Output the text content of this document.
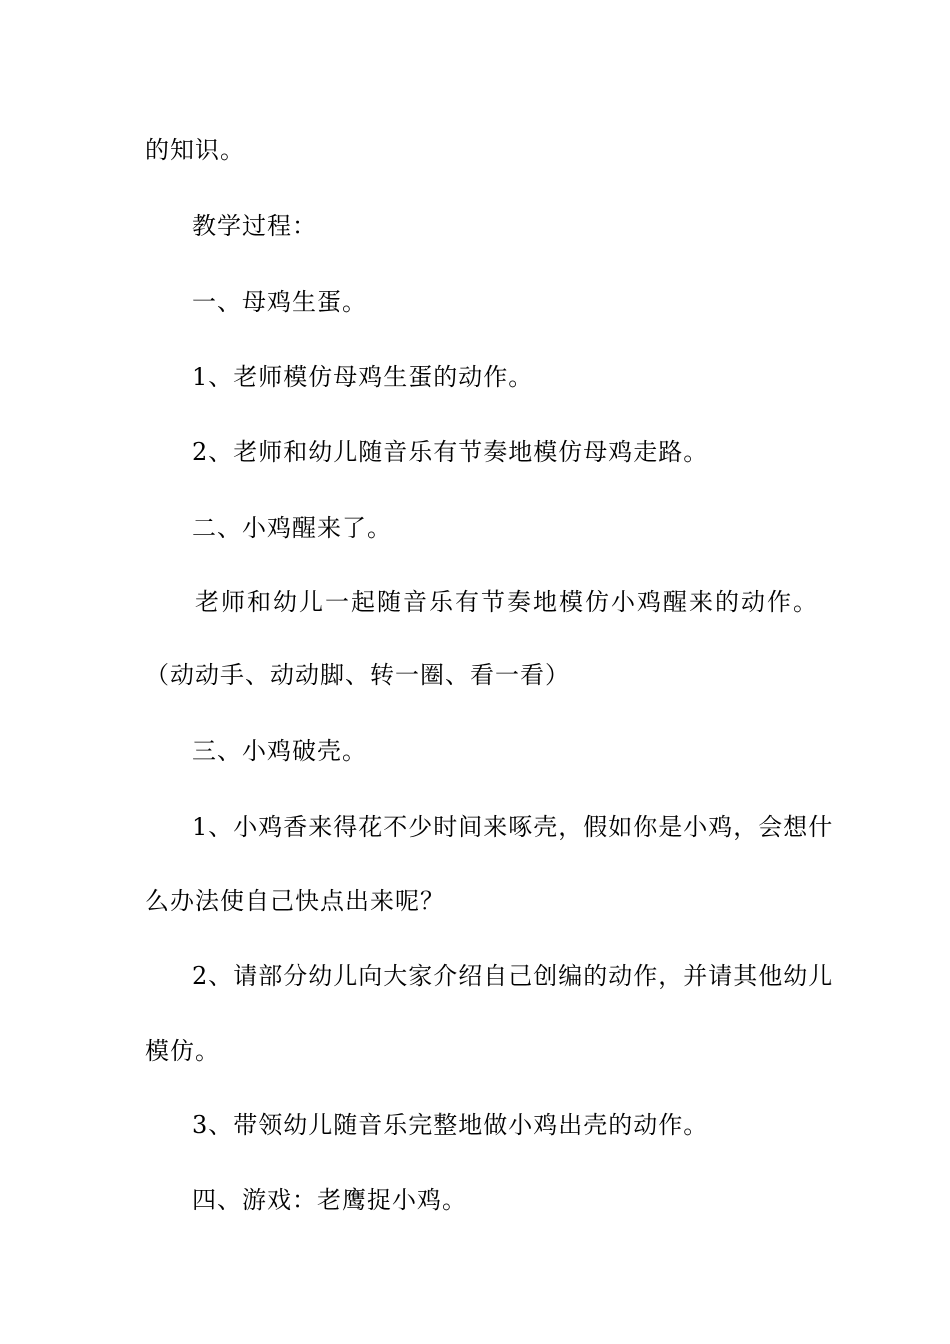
的知识。
教学过程：
一、母鸡生蛋。
1、老师模仿母鸡生蛋的动作。
2、老师和幼儿随音乐有节奏地模仿母鸡走路。
二、小鸡醒来了。
老师和幼儿一起随音乐有节奏地模仿小鸡醒来的动作。
（动动手、动动脚、转一圈、看一看）
三、小鸡破壳。
1、小鸡香来得花不少时间来啄壳，假如你是小鸡，会想什
么办法使自己快点出来呢？
2、请部分幼儿向大家介绍自己创编的动作，并请其他幼儿
模仿。
3、带领幼儿随音乐完整地做小鸡出壳的动作。
四、游戏：老鹰捉小鸡。
